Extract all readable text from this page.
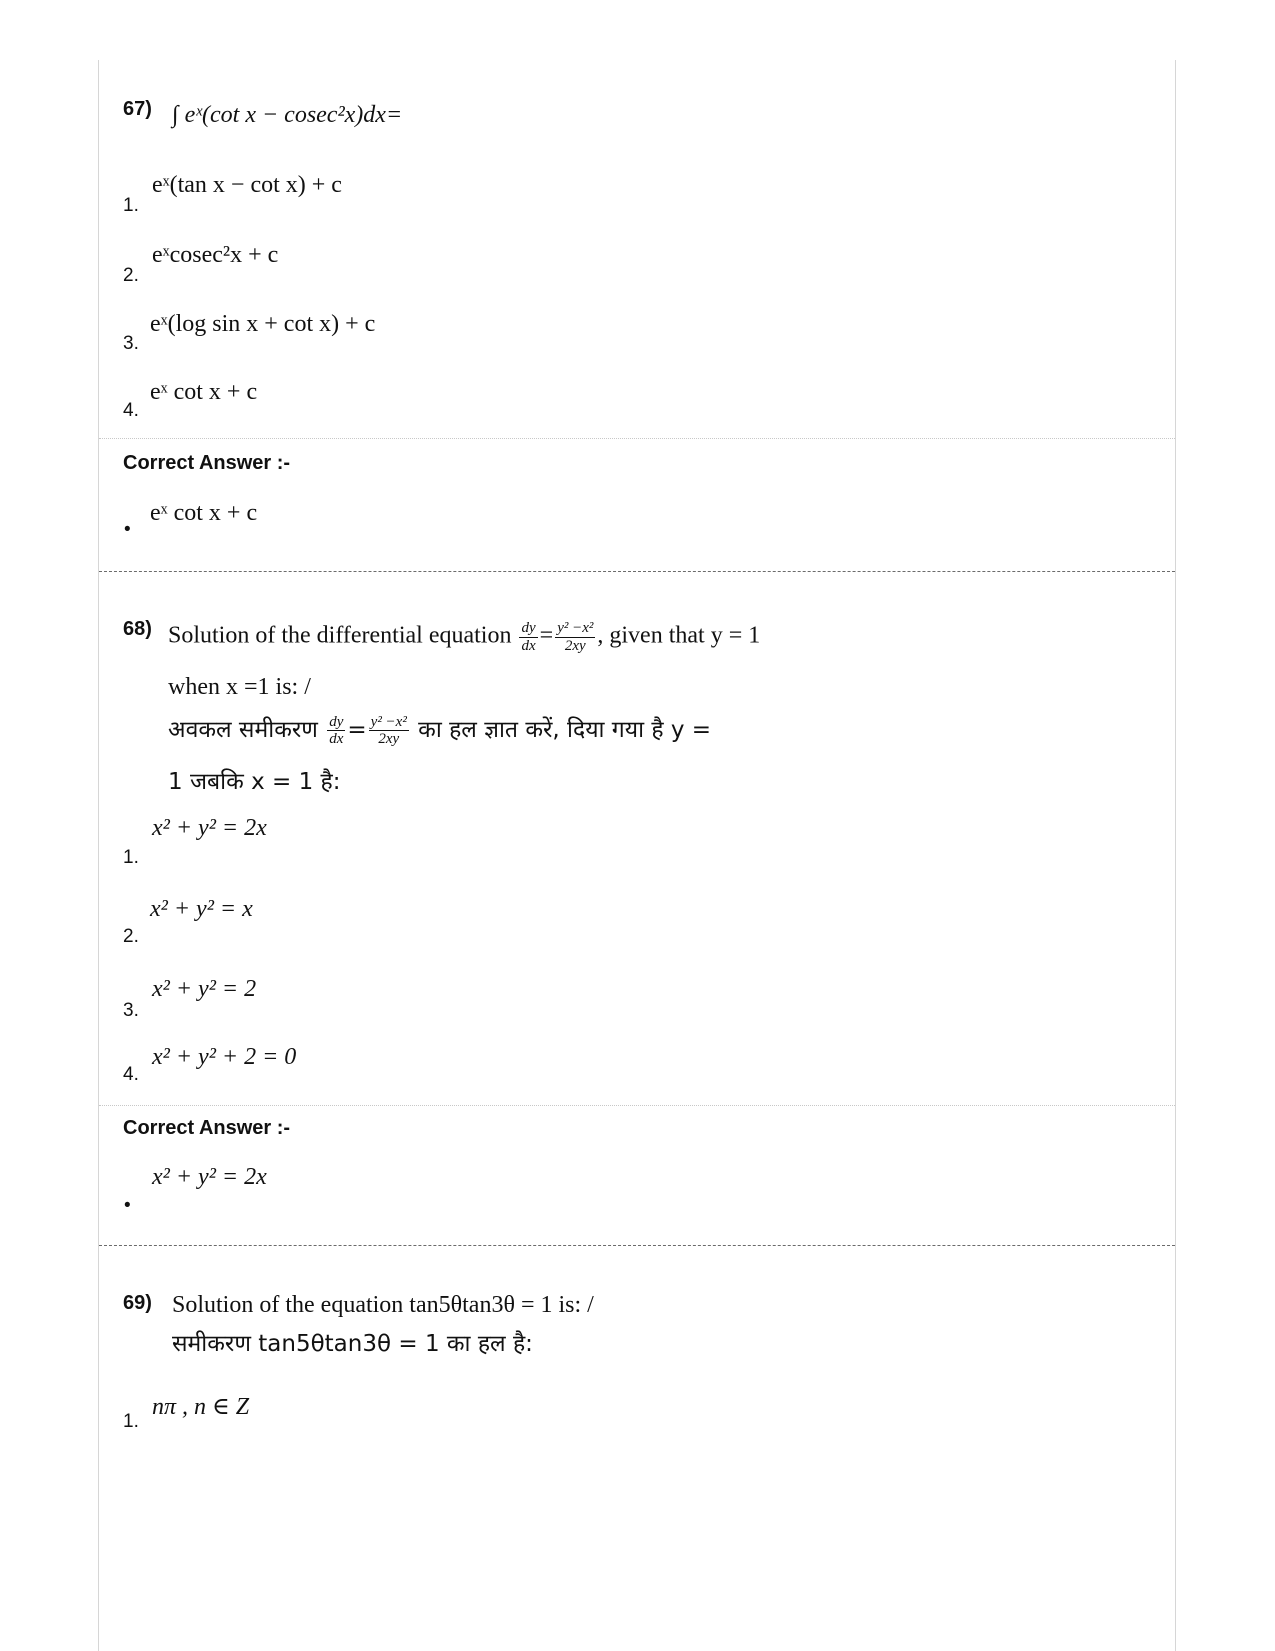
67) ∫ eˣ(cot x − cosec²x)dx=
eˣ(tan x − cot x) + c
1.
eˣcosec²x + c
2.
eˣ(log sin x + cot x) + c
3.
eˣ cot x + c
4.
Correct Answer :-
eˣ cot x + c
•
68) Solution of the differential equation $\frac{dy}{dx} = \frac{\text{y² −x²}}{2xy}$ , given that y = 1
when x =1 is: /
अवकल समीकरण $\frac{dy}{dx} = \frac{\text{y² −x²}}{2xy}$ का हल ज्ञात करें, दिया गया है y =
1 जबकि x = 1 है:
x² + y² = 2x
1.
x² + y² = x
2.
x² + y² = 2
3.
x² + y² + 2 = 0
4.
Correct Answer :-
x² + y² = 2x
•
69) Solution of the equation tan5θtan3θ = 1 is: /
समीकरण tan5θtan3θ = 1 का हल है:
nπ , n ∈ Z
1.
